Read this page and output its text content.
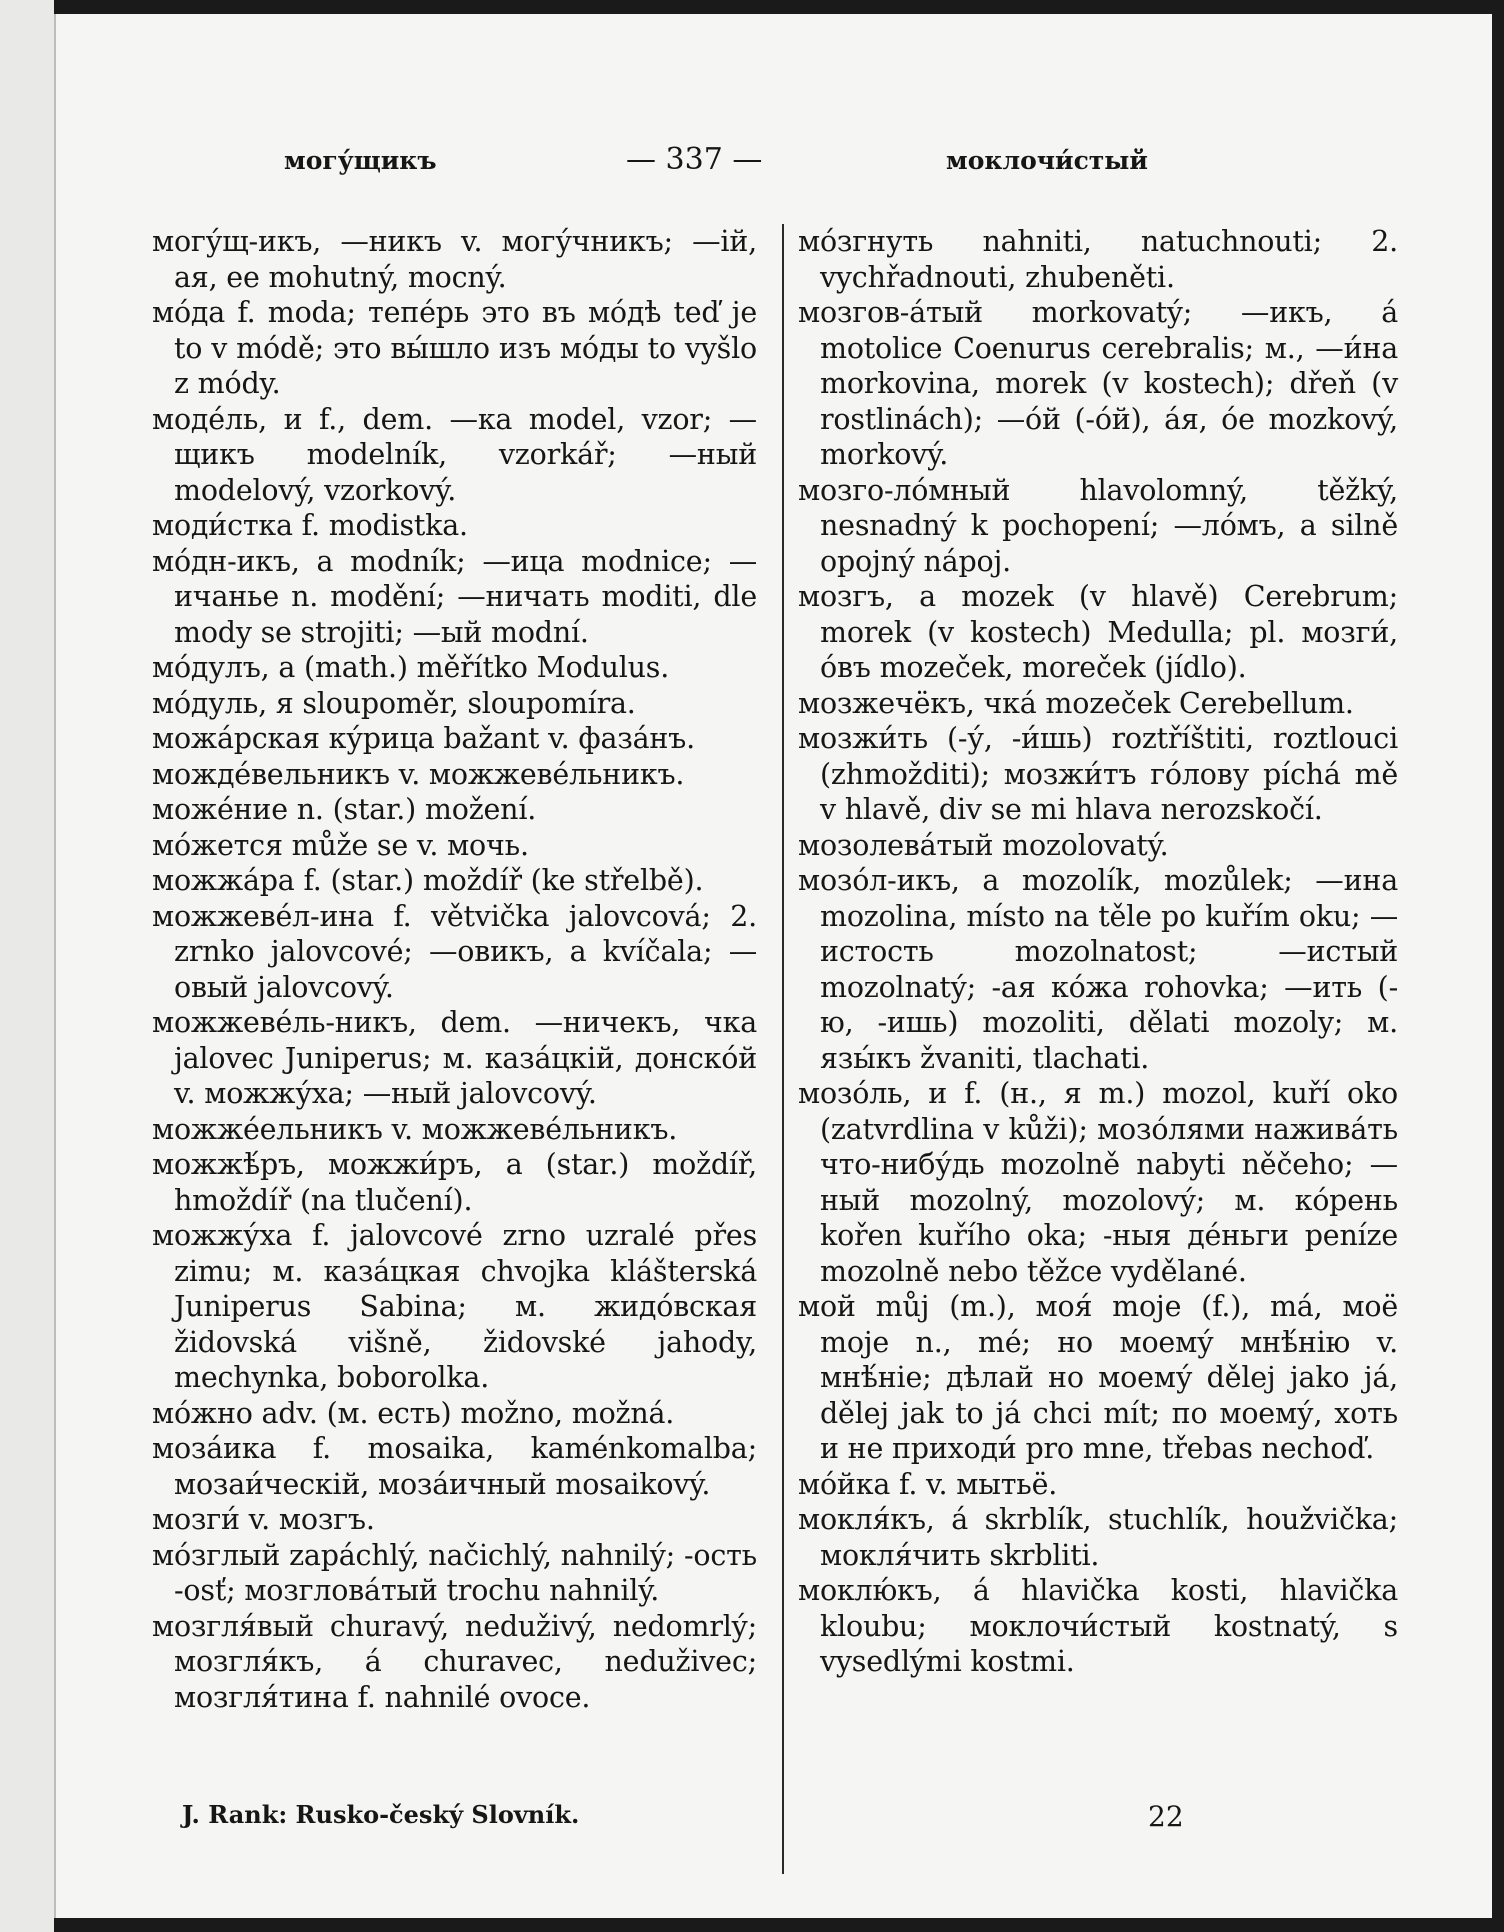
могу́щикъ	— 337 —	моклочи́стый

могу́щ-икъ, —никъ v. могу́чникъ; —ій, ая, ее mohutný, mocný.

мо́да f. moda; тепе́рь это въ мо́дѣ teď je to v módě; это вы́шло изъ мо́ды to vyšlo z módy.

моде́ль, и f., dem. —ка model, vzor; —щикъ modelník, vzorkář; —ный modelový, vzorkový.

моди́стка f. modistka.

мо́дн-икъ, a modník; —ица modnice; —ичанье n. modění; —ничать moditi, dle mody se strojiti; —ый modní.

мо́дулъ, a (math.) měřítko Modulus.

мо́дуль, я sloupoměr, sloupomíra.

можа́рская ку́рица bažant v. фаза́нъ.

можде́вельникъ v. можжеве́льникъ.

може́ние n. (star.) možení.

мо́жется může se v. мочь.

можжа́ра f. (star.) moždíř (ke střelbě).

можжеве́л-ина f. větvička jalovcová; 2. zrnko jalovcové; —овикъ, a kvíčala; —овый jalovcový.

можжеве́ль-никъ, dem. —ничекъ, чка jalovec Juniperus; м. каза́цкій, донско́й v. можжу́ха; —ный jalovcový.

можже́ельникъ v. можжеве́льникъ.

можжѣ́ръ, можжи́ръ, a (star.) moždíř, hmoždíř (na tlučení).

можжу́ха f. jalovcové zrno uzralé přes zimu; м. каза́цкая chvojka klášterská Juniperus Sabina; м. жидо́вская židovská višně, židovské jahody, mechynka, boborolka.

мо́жно adv. (м. есть) možno, možná.

моза́ика f. mosaika, kaménkomalba; мозаи́ческій, моза́ичный mosaikový.

мозги́ v. мозгъ.

мо́зглый zapáchlý, načichlý, nahnilý; -ость -osť; мозглова́тый trochu nahnilý.

мозгля́вый churavý, neduživý, nedomrlý; мозгля́къ, á churavec, neduživec; мозгля́тина f. nahnilé ovoce.

мо́згнуть nahniti, natuchnouti; 2. vychřadnouti, zhubeněti.

мозгов-а́тый morkovatý; —икъ, á motolice Coenurus cerebralis; м., —и́на morkovina, morek (v kostech); dřeň (v rostlinách); —о́й (-о́й), а́я, о́е mozkový, morkový.

мозго-ло́мный hlavolomný, těžký, nesnadný k pochopení; —ло́мъ, a silně opojný nápoj.

мозгъ, a mozek (v hlavě) Cerebrum; morek (v kostech) Medulla; pl. мозги́, о́въ mozeček, moreček (jídlo).

мозжечёкъ, чка́ mozeček Cerebellum.

мозжи́ть (-у́, -и́шь) roztříštiti, roztlouci (zhmožditi); мозжи́тъ го́лову píchá mě v hlavě, div se mi hlava nerozskočí.

мозолева́тый mozolovatý.

мозо́л-икъ, a mozolík, mozůlek; —ина mozolina, místo na těle po kuřím oku; —истость mozolnatost; —истый mozolnatý; -ая ко́жа rohovka; —ить (-ю, -ишь) mozoliti, dělati mozoly; м. язы́къ žvaniti, tlachati.

мозо́ль, и f. (н., я m.) mozol, kuří oko (zatvrdlina v kůži); мозо́лями нажива́ть что-нибу́дь mozolně nabyti něčeho; —ный mozolný, mozolový; м. ко́рень kořen kuřího oka; -ныя де́ньги peníze mozolně nebo těžce vydělané.

мой můj (m.), моя́ moje (f.), má, моё moje n., mé; но моему́ мнѣ́нію v. мнѣ́ніе; дѣлай но моему́ dělej jako já, dělej jak to já chci mít; по моему́, хоть и не приходи́ pro mne, třebas nechoď.

мо́йка f. v. мытьё.

мокля́къ, á skrblík, stuchlík, houžvička; мокля́чить skrbliti.

моклю́къ, á hlavička kosti, hlavička kloubu; моклочи́стый kostnatý, s vysedlými kostmi.

J. Rank: Rusko-český Slovník.	22
